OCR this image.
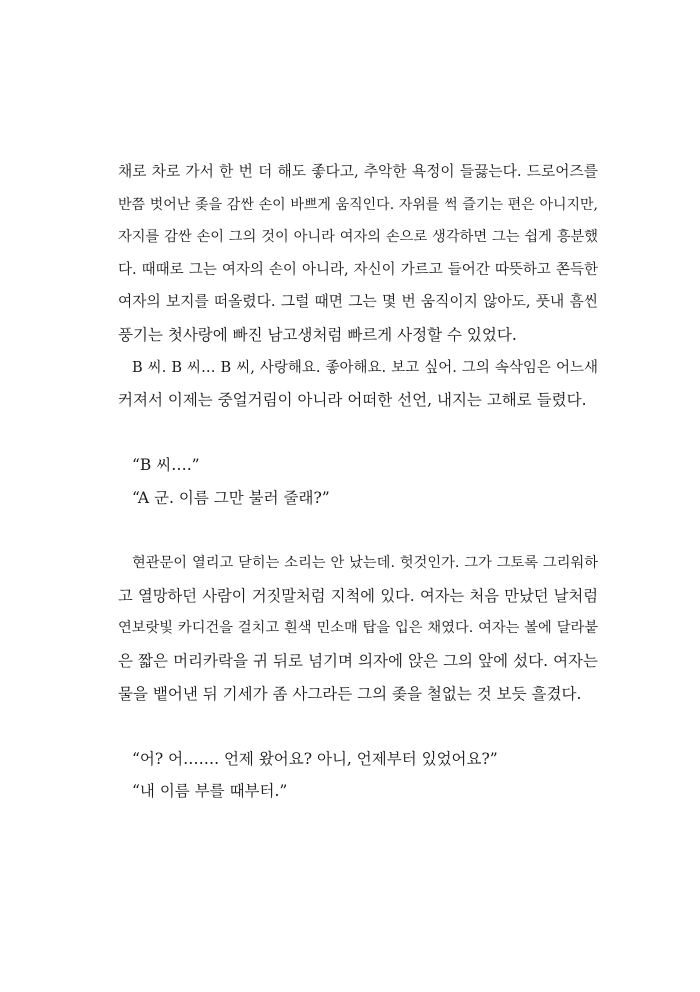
채로 차로 가서 한 번 더 해도 좋다고, 추악한 욕정이 들끓는다. 드로어즈를
반쯤 벗어난 좆을 감싼 손이 바쁘게 움직인다. 자위를 썩 즐기는 편은 아니지만,
자지를 감싼 손이 그의 것이 아니라 여자의 손으로 생각하면 그는 쉽게 흥분했
다. 때때로 그는 여자의 손이 아니라, 자신이 가르고 들어간 따뜻하고 쫀득한
여자의 보지를 떠올렸다. 그럴 때면 그는 몇 번 움직이지 않아도, 풋내 흠씬
풍기는 첫사랑에 빠진 남고생처럼 빠르게 사정할 수 있었다.
B 씨. B 씨… B 씨, 사랑해요. 좋아해요. 보고 싶어. 그의 속삭임은 어느새
커져서 이제는 중얼거림이 아니라 어떠한 선언, 내지는 고해로 들렸다.
“B 씨….”
“A 군. 이름 그만 불러 줄래?”
현관문이 열리고 닫히는 소리는 안 났는데. 헛것인가. 그가 그토록 그리워하
고 열망하던 사람이 거짓말처럼 지척에 있다. 여자는 처음 만났던 날처럼
연보랏빛 카디건을 걸치고 흰색 민소매 탑을 입은 채였다. 여자는 볼에 달라붙
은 짧은 머리카락을 귀 뒤로 넘기며 의자에 앉은 그의 앞에 섰다. 여자는
물을 뱉어낸 뒤 기세가 좀 사그라든 그의 좆을 철없는 것 보듯 흘겼다.
“어? 어……. 언제 왔어요? 아니, 언제부터 있었어요?”
“내 이름 부를 때부터.”
